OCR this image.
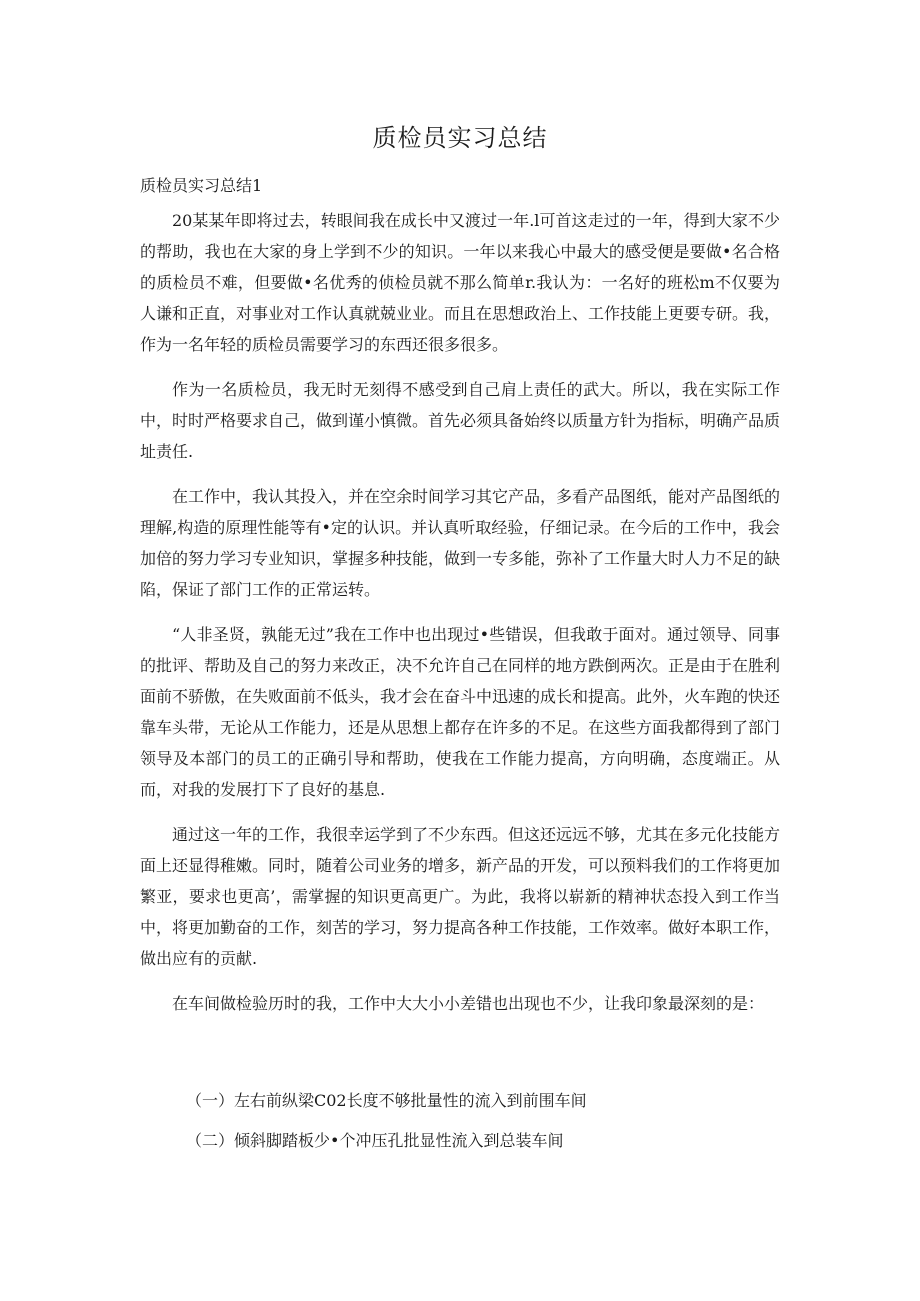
质检员实习总结

质检员实习总结1

20某某年即将过去，转眼间我在成长中又渡过一年.l可首这走过的一年，得到大家不少的帮助，我也在大家的身上学到不少的知识。一年以来我心中最大的感受便是要做•名合格的质检员不难，但要做•名优秀的侦检员就不那么简单r.我认为：一名好的班松m不仅要为人谦和正直，对事业对工作认真就兢业业。而且在思想政治上、工作技能上更要专研。我，作为一名年轻的质检员需要学习的东西还很多很多。

作为一名质检员，我无时无刻得不感受到自己肩上责任的武大。所以，我在实际工作中，时时严格要求自己，做到谨小慎微。首先必须具备始终以质量方针为指标，明确产品质址责任.

在工作中，我认其投入，并在空余时间学习其它产品，多看产品图纸，能对产品图纸的理解,构造的原理性能等有•定的认识。并认真听取经验，仔细记录。在今后的工作中，我会加倍的努力学习专业知识，掌握多种技能，做到一专多能，弥补了工作量大时人力不足的缺陷，保证了部门工作的正常运转。

“人非圣贤，孰能无过”我在工作中也出现过•些错误，但我敢于面对。通过领导、同事的批评、帮助及自己的努力来改正，决不允许自己在同样的地方跌倒两次。正是由于在胜利面前不骄傲，在失败面前不低头，我才会在奋斗中迅速的成长和提高。此外，火车跑的快还靠车头带，无论从工作能力，还是从思想上都存在许多的不足。在这些方面我都得到了部门领导及本部门的员工的正确引导和帮助，使我在工作能力提高，方向明确，态度端正。从而，对我的发展打下了良好的基息.

通过这一年的工作，我很幸运学到了不少东西。但这还远远不够，尤其在多元化技能方面上还显得稚嫩。同时，随着公司业务的增多，新产品的开发，可以预料我们的工作将更加繁亚，要求也更高’，需掌握的知识更高更广。为此，我将以崭新的精神状态投入到工作当中，将更加勤奋的工作，刻苦的学习，努力提高各种工作技能，工作效率。做好本职工作，做出应有的贡献.

在车间做检验历时的我，工作中大大小小差错也出现也不少，让我印象最深刻的是：

（一）左右前纵梁C02长度不够批量性的流入到前围车间
（二）倾斜脚踏板少•个冲压孔批显性流入到总装车间
